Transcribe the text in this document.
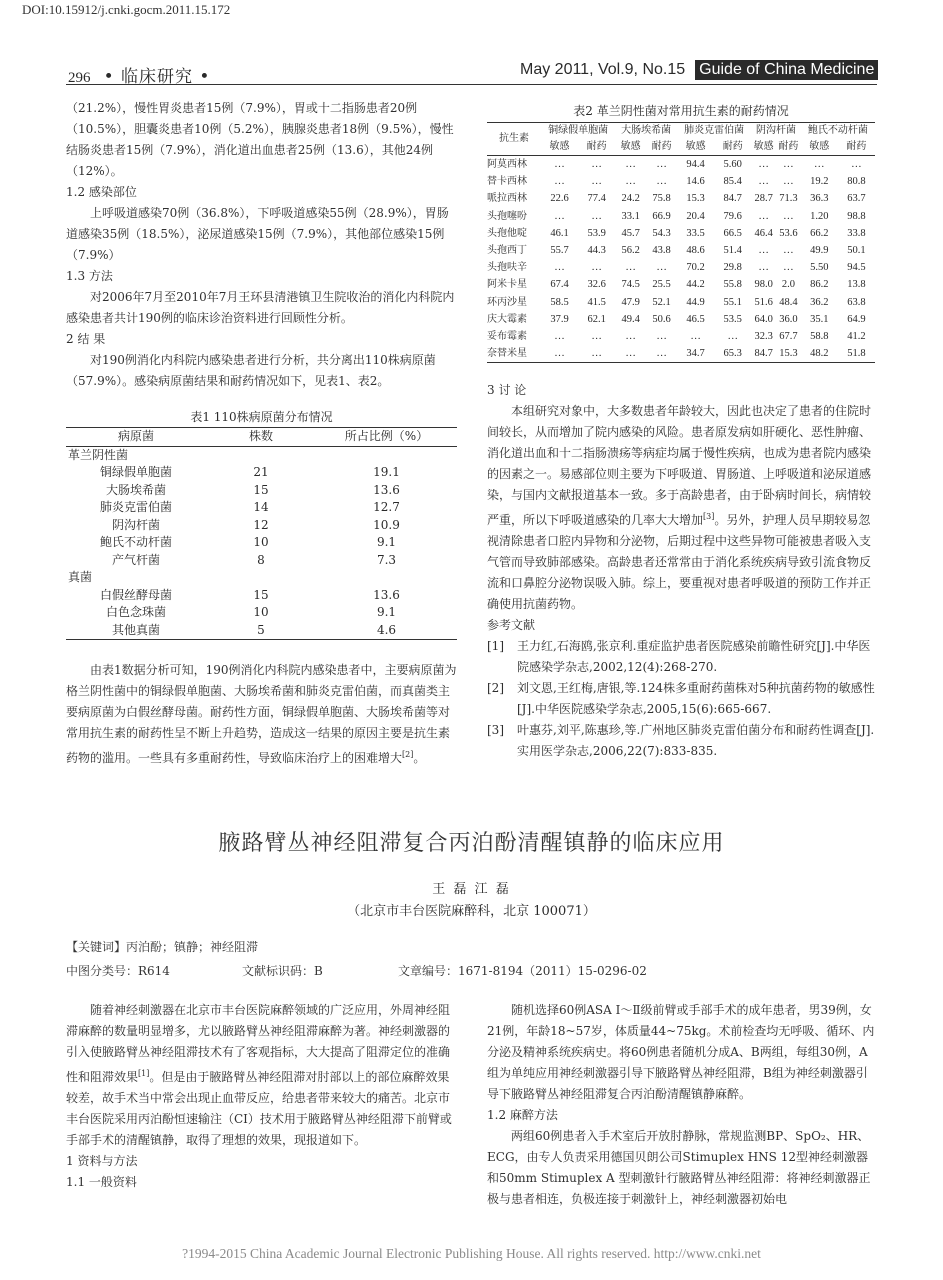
DOI:10.15912/j.cnki.gocm.2011.15.172
296 • 临床研究 •	May 2011, Vol.9, No.15 Guide of China Medicine

（21.2%），慢性胃炎患者15例（7.9%），胃或十二指肠患者20例（10.5%），胆囊炎患者10例（5.2%），胰腺炎患者18例（9.5%），慢性结肠炎患者15例（7.9%），消化道出血患者25例（13.6），其他24例（12%）。

1.2 感染部位

上呼吸道感染70例（36.8%），下呼吸道感染55例（28.9%），胃肠道感染35例（18.5%），泌尿道感染15例（7.9%），其他部位感染15例（7.9%）

1.3 方法

对2006年7月至2010年7月王环县清港镇卫生院收治的消化内科院内感染患者共计190例的临床诊治资料进行回顾性分析。

2 结 果

对190例消化内科院内感染患者进行分析，共分离出110株病原菌（57.9%）。感染病原菌结果和耐药情况如下，见表1、表2。

表1 110株病原菌分布情况
病原菌	株数	所占比例（%）
革兰阴性菌		
铜绿假单胞菌	21	19.1
大肠埃希菌	15	13.6
肺炎克雷伯菌	14	12.7
阴沟杆菌	12	10.9
鲍氏不动杆菌	10	9.1
产气杆菌	8	7.3
真菌		
白假丝酵母菌	15	13.6
白色念珠菌	10	9.1
其他真菌	5	4.6

由表1数据分析可知，190例消化内科院内感染患者中，主要病原菌为格兰阴性菌中的铜绿假单胞菌、大肠埃希菌和肺炎克雷伯菌，而真菌类主要病原菌为白假丝酵母菌。耐药性方面，铜绿假单胞菌、大肠埃希菌等对常用抗生素的耐药性呈不断上升趋势，造成这一结果的原因主要是抗生素药物的滥用。一些具有多重耐药性，导致临床治疗上的困难增大[2]。

表2 革兰阴性菌对常用抗生素的耐药情况
抗生素	铜绿假单胞菌		大肠埃希菌		肺炎克雷伯菌		阴沟杆菌		鲍氏不动杆菌	
	敏感	耐药	敏感	耐药	敏感	耐药	敏感	耐药	敏感	耐药
阿莫西林	…	…	…	…	94.4	5.60	…	…	…	…
替卡西林	…	…	…	…	14.6	85.4	…	…	19.2	80.8
哌拉西林	22.6	77.4	24.2	75.8	15.3	84.7	28.7	71.3	36.3	63.7
头孢噻吩	…	…	33.1	66.9	20.4	79.6	…	…	1.20	98.8
头孢他啶	46.1	53.9	45.7	54.3	33.5	66.5	46.4	53.6	66.2	33.8
头孢西丁	55.7	44.3	56.2	43.8	48.6	51.4	…	…	49.9	50.1
头孢呋辛	…	…	…	…	70.2	29.8	…	…	5.50	94.5
阿米卡星	67.4	32.6	74.5	25.5	44.2	55.8	98.0	2.0	86.2	13.8
环丙沙星	58.5	41.5	47.9	52.1	44.9	55.1	51.6	48.4	36.2	63.8
庆大霉素	37.9	62.1	49.4	50.6	46.5	53.5	64.0	36.0	35.1	64.9
妥布霉素	…	…	…	…	…	…	32.3	67.7	58.8	41.2
奈替米星	…	…	…	…	34.7	65.3	84.7	15.3	48.2	51.8

3 讨 论

本组研究对象中，大多数患者年龄较大，因此也决定了患者的住院时间较长，从而增加了院内感染的风险。患者原发病如肝硬化、恶性肿瘤、消化道出血和十二指肠溃疡等病症均属于慢性疾病，也成为患者院内感染的因素之一。易感部位则主要为下呼吸道、胃肠道、上呼吸道和泌尿道感染，与国内文献报道基本一致。多于高龄患者，由于卧病时间长，病情较严重，所以下呼吸道感染的几率大大增加[3]。另外，护理人员早期较易忽视清除患者口腔内异物和分泌物，后期过程中这些异物可能被患者吸入支气管而导致肺部感染。高龄患者还常常由于消化系统疾病导致引流食物反流和口鼻腔分泌物误吸入肺。综上，要重视对患者呼吸道的预防工作并正确使用抗菌药物。

参考文献

[1]	王力红,石海鸥,张京利.重症监护患者医院感染前瞻性研究[J].中华医院感染学杂志,2002,12(4):268-270.
[2]	刘文恩,王红梅,唐银,等.124株多重耐药菌株对5种抗菌药物的敏感性[J].中华医院感染学杂志,2005,15(6):665-667.
[3]	叶惠芬,刘平,陈惠珍,等.广州地区肺炎克雷伯菌分布和耐药性调查[J].实用医学杂志,2006,22(7):833-835.
腋路臂丛神经阻滞复合丙泊酚清醒镇静的临床应用
王 磊 江 磊
（北京市丰台医院麻醉科，北京 100071）
【关键词】丙泊酚；镇静；神经阻滞
中图分类号：R614	文献标识码：B	文章编号：1671-8194（2011）15-0296-02

随着神经刺激器在北京市丰台医院麻醉领域的广泛应用，外周神经阻滞麻醉的数量明显增多，尤以腋路臂丛神经阻滞麻醉为著。神经刺激器的引入使腋路臂丛神经阻滞技术有了客观指标，大大提高了阻滞定位的准确性和阻滞效果[1]。但是由于腋路臂丛神经阻滞对肘部以上的部位麻醉效果较差，故手术当中常会出现止血带反应，给患者带来较大的痛苦。北京市丰台医院采用丙泊酚恒速输注（CI）技术用于腋路臂丛神经阻滞下前臂或手部手术的清醒镇静，取得了理想的效果，现报道如下。

1 资料与方法

1.1 一般资料

随机选择60例ASA Ⅰ～Ⅱ级前臂或手部手术的成年患者，男39例，女21例，年龄18~57岁，体质量44~75kg。术前检查均无呼吸、循环、内分泌及精神系统疾病史。将60例患者随机分成A、B两组，每组30例，A组为单纯应用神经刺激器引导下腋路臂丛神经阻滞，B组为神经刺激器引导下腋路臂丛神经阻滞复合丙泊酚清醒镇静麻醉。

1.2 麻醉方法

两组60例患者入手术室后开放肘静脉，常规监测BP、SpO₂、HR、ECG，由专人负责采用德国贝朗公司Stimuplex HNS 12型神经刺激器和50mm Stimuplex A 型刺激针行腋路臂丛神经阻滞：将神经刺激器正极与患者相连，负极连接于刺激针上，神经刺激器初始电

?1994-2015 China Academic Journal Electronic Publishing House. All rights reserved. http://www.cnki.net
